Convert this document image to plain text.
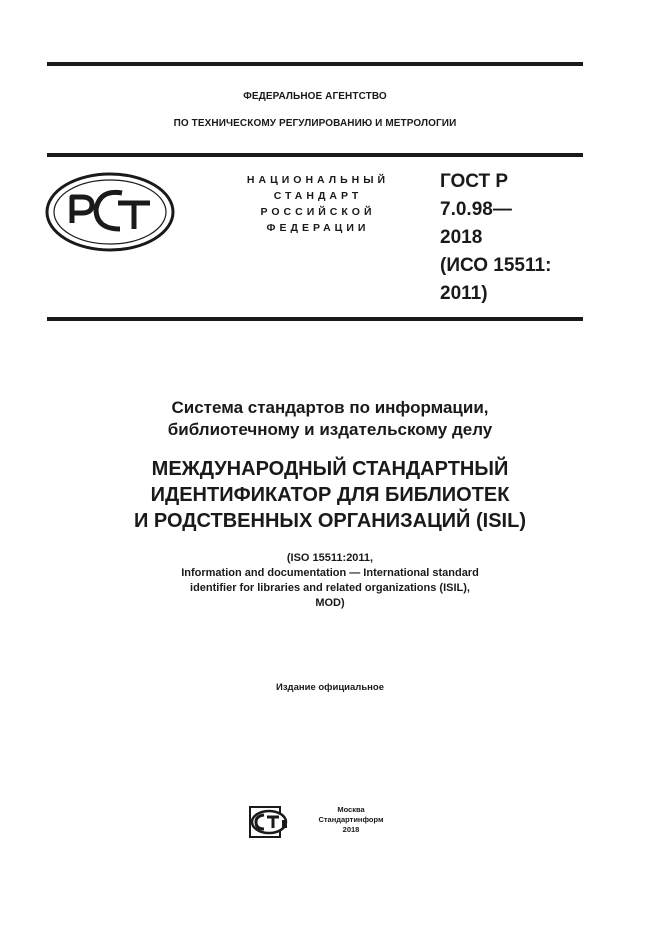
ФЕДЕРАЛЬНОЕ АГЕНТСТВО
ПО ТЕХНИЧЕСКОМУ РЕГУЛИРОВАНИЮ И МЕТРОЛОГИИ
НАЦИОНАЛЬНЫЙ
СТАНДАРТ
РОССИЙСКОЙ
ФЕДЕРАЦИИ
ГОСТ Р
7.0.98—
2018
(ИСО 15511:
2011)
Система стандартов по информации,
библиотечному и издательскому делу
МЕЖДУНАРОДНЫЙ СТАНДАРТНЫЙ
ИДЕНТИФИКАТОР ДЛЯ БИБЛИОТЕК
И РОДСТВЕННЫХ ОРГАНИЗАЦИЙ (ISIL)
(ISO 15511:2011,
Information and documentation — International standard
identifier for libraries and related organizations (ISIL),
MOD)
Издание официальное
Москва
Стандартинформ
2018
